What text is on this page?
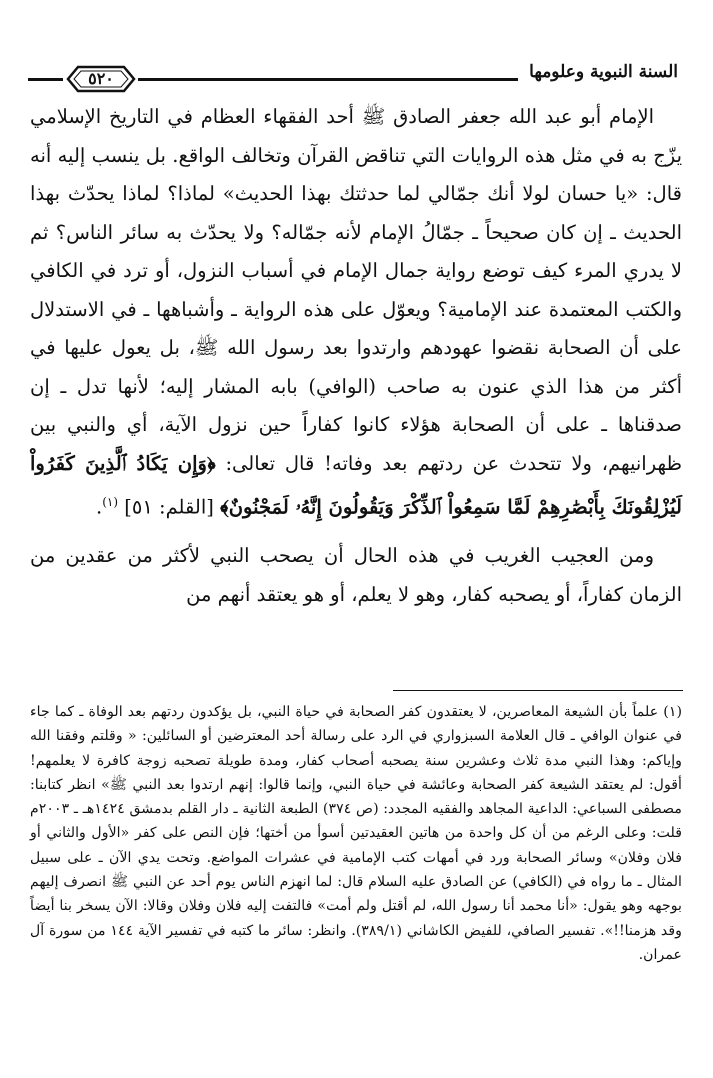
٥٢٠	السنة النبوية وعلومها

الإمام أبو عبد الله جعفر الصادق ﷺ أحد الفقهاء العظام في التاريخ الإسلامي يزّج به في مثل هذه الروايات التي تناقض القرآن وتخالف الواقع. بل ينسب إليه أنه قال: «يا حسان لولا أنك جمّالي لما حدثتك بهذا الحديث» لماذا؟ لماذا يحدّث بهذا الحديث ـ إن كان صحيحاً ـ جمّالُ الإمام لأنه جمّاله؟ ولا يحدّث به سائر الناس؟ ثم لا يدري المرء كيف توضع رواية جمال الإمام في أسباب النزول، أو ترد في الكافي والكتب المعتمدة عند الإمامية؟ ويعوّل على هذه الرواية ـ وأشباهها ـ في الاستدلال على أن الصحابة نقضوا عهودهم وارتدوا بعد رسول الله ﷺ، بل يعول عليها في أكثر من هذا الذي عنون به صاحب (الوافي) بابه المشار إليه؛ لأنها تدل ـ إن صدقناها ـ على أن الصحابة هؤلاء كانوا كفاراً حين نزول الآية، أي والنبي بين ظهرانيهم، ولا تتحدث عن ردتهم بعد وفاته! قال تعالى: ﴿وَإِن يَكَادُ ٱلَّذِينَ كَفَرُواْ لَيُزْلِقُونَكَ بِأَبْصَٰرِهِمْ لَمَّا سَمِعُواْ ٱلذِّكْرَ وَيَقُولُونَ إِنَّهُۥ لَمَجْنُونٌ﴾ [القلم: ٥١] $^{(١)}$.

ومن العجيب الغريب في هذه الحال أن يصحب النبي لأكثر من عقدين من الزمان كفاراً، أو يصحبه كفار، وهو لا يعلم، أو هو يعتقد أنهم من

(١) علماً بأن الشيعة المعاصرين، لا يعتقدون كفر الصحابة في حياة النبي، بل يؤكدون ردتهم بعد الوفاة ـ كما جاء في عنوان الوافي ـ قال العلامة السبزواري في الرد على رسالة أحد المعترضين أو السائلين: « وقلتم وفقنا الله وإياكم: وهذا النبي مدة ثلاث وعشرين سنة يصحبه أصحاب كفار، ومدة طويلة تصحبه زوجة كافرة لا يعلمهم! أقول: لم يعتقد الشيعة كفر الصحابة وعائشة في حياة النبي، وإنما قالوا: إنهم ارتدوا بعد النبي ﷺ» انظر كتابنا: مصطفى السباعي: الداعية المجاهد والفقيه المجدد: (ص ٣٧٤) الطبعة الثانية ـ دار القلم بدمشق ١٤٢٤هـ ـ ٢٠٠٣م قلت: وعلى الرغم من أن كل واحدة من هاتين العقيدتين أسوأ من أختها؛ فإن النص على كفر «الأول والثاني أو فلان وفلان» وسائر الصحابة ورد في أمهات كتب الإمامية في عشرات المواضع. وتحت يدي الآن ـ على سبيل المثال ـ ما رواه في (الكافي) عن الصادق عليه السلام قال: لما انهزم الناس يوم أحد عن النبي ﷺ انصرف إليهم بوجهه وهو يقول: «أنا محمد أنا رسول الله، لم أقتل ولم أمت» فالتفت إليه فلان وفلان وقالا: الآن يسخر بنا أيضاً وقد هزمنا!!». تفسير الصافي، للفيض الكاشاني (٣٨٩/١). وانظر: سائر ما كتبه في تفسير الآية ١٤٤ من سورة آل عمران.
